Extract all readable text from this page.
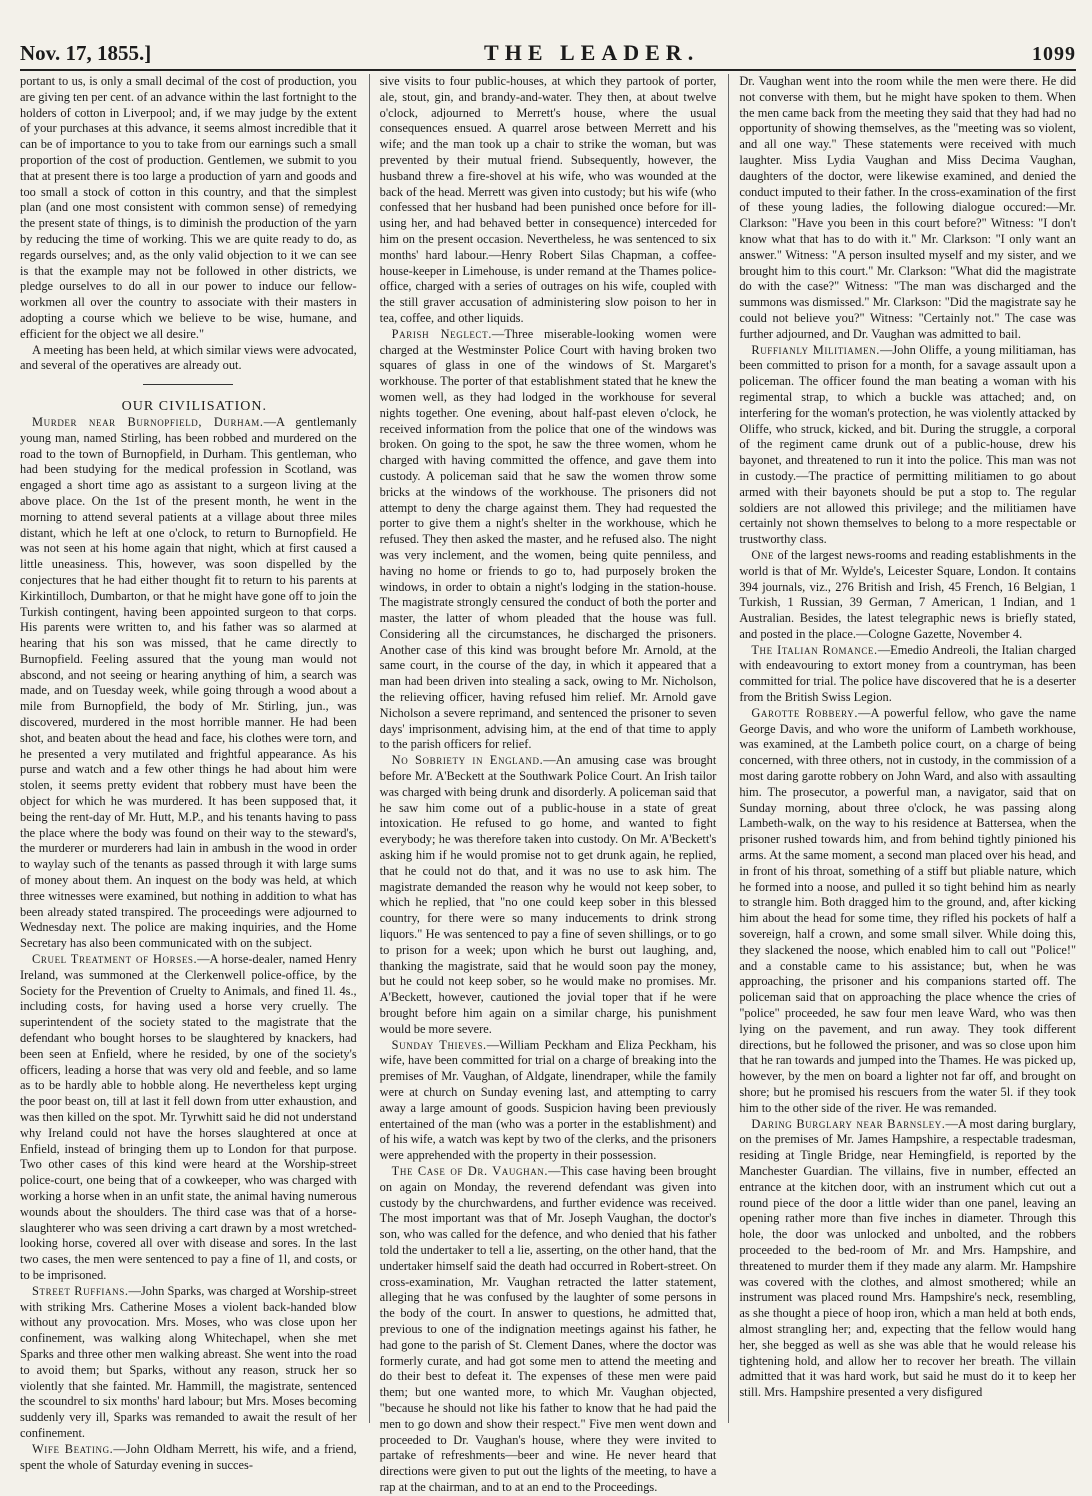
Nov. 17, 1855.]	THE LEADER.	1099

portant to us, is only a small decimal of the cost of production, you are giving ten per cent. of an advance within the last fortnight to the holders of cotton in Liverpool; and, if we may judge by the extent of your purchases at this advance, it seems almost incredible that it can be of importance to you to take from our earnings such a small proportion of the cost of production. Gentlemen, we submit to you that at present there is too large a production of yarn and goods and too small a stock of cotton in this country, and that the simplest plan (and one most consistent with common sense) of remedying the present state of things, is to diminish the production of the yarn by reducing the time of working. This we are quite ready to do, as regards ourselves; and, as the only valid objection to it we can see is that the example may not be followed in other districts, we pledge ourselves to do all in our power to induce our fellow-workmen all over the country to associate with their masters in adopting a course which we believe to be wise, humane, and efficient for the object we all desire."

A meeting has been held, at which similar views were advocated, and several of the operatives are already out.

OUR CIVILISATION.

Murder near Burnopfield, Durham.—A gentlemanly young man, named Stirling, has been robbed and murdered on the road to the town of Burnopfield, in Durham. This gentleman, who had been studying for the medical profession in Scotland, was engaged a short time ago as assistant to a surgeon living at the above place. On the 1st of the present month, he went in the morning to attend several patients at a village about three miles distant, which he left at one o'clock, to return to Burnopfield. He was not seen at his home again that night, which at first caused a little uneasiness. This, however, was soon dispelled by the conjectures that he had either thought fit to return to his parents at Kirkintilloch, Dumbarton, or that he might have gone off to join the Turkish contingent, having been appointed surgeon to that corps. His parents were written to, and his father was so alarmed at hearing that his son was missed, that he came directly to Burnopfield. Feeling assured that the young man would not abscond, and not seeing or hearing anything of him, a search was made, and on Tuesday week, while going through a wood about a mile from Burnopfield, the body of Mr. Stirling, jun., was discovered, murdered in the most horrible manner. He had been shot, and beaten about the head and face, his clothes were torn, and he presented a very mutilated and frightful appearance. As his purse and watch and a few other things he had about him were stolen, it seems pretty evident that robbery must have been the object for which he was murdered. It has been supposed that, it being the rent-day of Mr. Hutt, M.P., and his tenants having to pass the place where the body was found on their way to the steward's, the murderer or murderers had lain in ambush in the wood in order to waylay such of the tenants as passed through it with large sums of money about them. An inquest on the body was held, at which three witnesses were examined, but nothing in addition to what has been already stated transpired. The proceedings were adjourned to Wednesday next. The police are making inquiries, and the Home Secretary has also been communicated with on the subject.

Cruel Treatment of Horses.—A horse-dealer, named Henry Ireland, was summoned at the Clerkenwell police-office, by the Society for the Prevention of Cruelty to Animals, and fined 1l. 4s., including costs, for having used a horse very cruelly. The superintendent of the society stated to the magistrate that the defendant who bought horses to be slaughtered by knackers, had been seen at Enfield, where he resided, by one of the society's officers, leading a horse that was very old and feeble, and so lame as to be hardly able to hobble along. He nevertheless kept urging the poor beast on, till at last it fell down from utter exhaustion, and was then killed on the spot. Mr. Tyrwhitt said he did not understand why Ireland could not have the horses slaughtered at once at Enfield, instead of bringing them up to London for that purpose. Two other cases of this kind were heard at the Worship-street police-court, one being that of a cowkeeper, who was charged with working a horse when in an unfit state, the animal having numerous wounds about the shoulders. The third case was that of a horse-slaughterer who was seen driving a cart drawn by a most wretched-looking horse, covered all over with disease and sores. In the last two cases, the men were sentenced to pay a fine of 1l, and costs, or to be imprisoned.

Street Ruffians.—John Sparks, was charged at Worship-street with striking Mrs. Catherine Moses a violent back-handed blow without any provocation. Mrs. Moses, who was close upon her confinement, was walking along Whitechapel, when she met Sparks and three other men walking abreast. She went into the road to avoid them; but Sparks, without any reason, struck her so violently that she fainted. Mr. Hammill, the magistrate, sentenced the scoundrel to six months' hard labour; but Mrs. Moses becoming suddenly very ill, Sparks was remanded to await the result of her confinement.

Wife Beating.—John Oldham Merrett, his wife, and a friend, spent the whole of Saturday evening in succes-

sive visits to four public-houses, at which they partook of porter, ale, stout, gin, and brandy-and-water. They then, at about twelve o'clock, adjourned to Merrett's house, where the usual consequences ensued. A quarrel arose between Merrett and his wife; and the man took up a chair to strike the woman, but was prevented by their mutual friend. Subsequently, however, the husband threw a fire-shovel at his wife, who was wounded at the back of the head. Merrett was given into custody; but his wife (who confessed that her husband had been punished once before for ill-using her, and had behaved better in consequence) interceded for him on the present occasion. Nevertheless, he was sentenced to six months' hard labour.—Henry Robert Silas Chapman, a coffee-house-keeper in Limehouse, is under remand at the Thames police-office, charged with a series of outrages on his wife, coupled with the still graver accusation of administering slow poison to her in tea, coffee, and other liquids.

Parish Neglect.—Three miserable-looking women were charged at the Westminster Police Court with having broken two squares of glass in one of the windows of St. Margaret's workhouse. The porter of that establishment stated that he knew the women well, as they had lodged in the workhouse for several nights together. One evening, about half-past eleven o'clock, he received information from the police that one of the windows was broken. On going to the spot, he saw the three women, whom he charged with having committed the offence, and gave them into custody. A policeman said that he saw the women throw some bricks at the windows of the workhouse. The prisoners did not attempt to deny the charge against them. They had requested the porter to give them a night's shelter in the workhouse, which he refused. They then asked the master, and he refused also. The night was very inclement, and the women, being quite penniless, and having no home or friends to go to, had purposely broken the windows, in order to obtain a night's lodging in the station-house. The magistrate strongly censured the conduct of both the porter and master, the latter of whom pleaded that the house was full. Considering all the circumstances, he discharged the prisoners. Another case of this kind was brought before Mr. Arnold, at the same court, in the course of the day, in which it appeared that a man had been driven into stealing a sack, owing to Mr. Nicholson, the relieving officer, having refused him relief. Mr. Arnold gave Nicholson a severe reprimand, and sentenced the prisoner to seven days' imprisonment, advising him, at the end of that time to apply to the parish officers for relief.

No Sobriety in England.—An amusing case was brought before Mr. A'Beckett at the Southwark Police Court. An Irish tailor was charged with being drunk and disorderly. A policeman said that he saw him come out of a public-house in a state of great intoxication. He refused to go home, and wanted to fight everybody; he was therefore taken into custody. On Mr. A'Beckett's asking him if he would promise not to get drunk again, he replied, that he could not do that, and it was no use to ask him. The magistrate demanded the reason why he would not keep sober, to which he replied, that "no one could keep sober in this blessed country, for there were so many inducements to drink strong liquors." He was sentenced to pay a fine of seven shillings, or to go to prison for a week; upon which he burst out laughing, and, thanking the magistrate, said that he would soon pay the money, but he could not keep sober, so he would make no promises. Mr. A'Beckett, however, cautioned the jovial toper that if he were brought before him again on a similar charge, his punishment would be more severe.

Sunday Thieves.—William Peckham and Eliza Peckham, his wife, have been committed for trial on a charge of breaking into the premises of Mr. Vaughan, of Aldgate, linendraper, while the family were at church on Sunday evening last, and attempting to carry away a large amount of goods. Suspicion having been previously entertained of the man (who was a porter in the establishment) and of his wife, a watch was kept by two of the clerks, and the prisoners were apprehended with the property in their possession.

The Case of Dr. Vaughan.—This case having been brought on again on Monday, the reverend defendant was given into custody by the churchwardens, and further evidence was received. The most important was that of Mr. Joseph Vaughan, the doctor's son, who was called for the defence, and who denied that his father told the undertaker to tell a lie, asserting, on the other hand, that the undertaker himself said the death had occurred in Robert-street. On cross-examination, Mr. Vaughan retracted the latter statement, alleging that he was confused by the laughter of some persons in the body of the court. In answer to questions, he admitted that, previous to one of the indignation meetings against his father, he had gone to the parish of St. Clement Danes, where the doctor was formerly curate, and had got some men to attend the meeting and do their best to defeat it. The expenses of these men were paid them; but one wanted more, to which Mr. Vaughan objected, "because he should not like his father to know that he had paid the men to go down and show their respect." Five men went down and proceeded to Dr. Vaughan's house, where they were invited to partake of refreshments—beer and wine. He never heard that directions were given to put out the lights of the meeting, to have a rap at the chairman, and to at an end to the Proceedings.

Dr. Vaughan went into the room while the men were there. He did not converse with them, but he might have spoken to them. When the men came back from the meeting they said that they had had no opportunity of showing themselves, as the "meeting was so violent, and all one way." These statements were received with much laughter. Miss Lydia Vaughan and Miss Decima Vaughan, daughters of the doctor, were likewise examined, and denied the conduct imputed to their father. In the cross-examination of the first of these young ladies, the following dialogue occured:—Mr. Clarkson: "Have you been in this court before?" Witness: "I don't know what that has to do with it." Mr. Clarkson: "I only want an answer." Witness: "A person insulted myself and my sister, and we brought him to this court." Mr. Clarkson: "What did the magistrate do with the case?" Witness: "The man was discharged and the summons was dismissed." Mr. Clarkson: "Did the magistrate say he could not believe you?" Witness: "Certainly not." The case was further adjourned, and Dr. Vaughan was admitted to bail.

Ruffianly Militiamen.—John Oliffe, a young militiaman, has been committed to prison for a month, for a savage assault upon a policeman. The officer found the man beating a woman with his regimental strap, to which a buckle was attached; and, on interfering for the woman's protection, he was violently attacked by Oliffe, who struck, kicked, and bit. During the struggle, a corporal of the regiment came drunk out of a public-house, drew his bayonet, and threatened to run it into the police. This man was not in custody.—The practice of permitting militiamen to go about armed with their bayonets should be put a stop to. The regular soldiers are not allowed this privilege; and the militiamen have certainly not shown themselves to belong to a more respectable or trustworthy class.

One of the largest news-rooms and reading establishments in the world is that of Mr. Wylde's, Leicester Square, London. It contains 394 journals, viz., 276 British and Irish, 45 French, 16 Belgian, 1 Turkish, 1 Russian, 39 German, 7 American, 1 Indian, and 1 Australian. Besides, the latest telegraphic news is briefly stated, and posted in the place.—Cologne Gazette, November 4.

The Italian Romance.—Emedio Andreoli, the Italian charged with endeavouring to extort money from a countryman, has been committed for trial. The police have discovered that he is a deserter from the British Swiss Legion.

Garotte Robbery.—A powerful fellow, who gave the name George Davis, and who wore the uniform of Lambeth workhouse, was examined, at the Lambeth police court, on a charge of being concerned, with three others, not in custody, in the commission of a most daring garotte robbery on John Ward, and also with assaulting him. The prosecutor, a powerful man, a navigator, said that on Sunday morning, about three o'clock, he was passing along Lambeth-walk, on the way to his residence at Battersea, when the prisoner rushed towards him, and from behind tightly pinioned his arms. At the same moment, a second man placed over his head, and in front of his throat, something of a stiff but pliable nature, which he formed into a noose, and pulled it so tight behind him as nearly to strangle him. Both dragged him to the ground, and, after kicking him about the head for some time, they rifled his pockets of half a sovereign, half a crown, and some small silver. While doing this, they slackened the noose, which enabled him to call out "Police!" and a constable came to his assistance; but, when he was approaching, the prisoner and his companions started off. The policeman said that on approaching the place whence the cries of "police" proceeded, he saw four men leave Ward, who was then lying on the pavement, and run away. They took different directions, but he followed the prisoner, and was so close upon him that he ran towards and jumped into the Thames. He was picked up, however, by the men on board a lighter not far off, and brought on shore; but he promised his rescuers from the water 5l. if they took him to the other side of the river. He was remanded.

Daring Burglary near Barnsley.—A most daring burglary, on the premises of Mr. James Hampshire, a respectable tradesman, residing at Tingle Bridge, near Hemingfield, is reported by the Manchester Guardian. The villains, five in number, effected an entrance at the kitchen door, with an instrument which cut out a round piece of the door a little wider than one panel, leaving an opening rather more than five inches in diameter. Through this hole, the door was unlocked and unbolted, and the robbers proceeded to the bed-room of Mr. and Mrs. Hampshire, and threatened to murder them if they made any alarm. Mr. Hampshire was covered with the clothes, and almost smothered; while an instrument was placed round Mrs. Hampshire's neck, resembling, as she thought a piece of hoop iron, which a man held at both ends, almost strangling her; and, expecting that the fellow would hang her, she begged as well as she was able that he would release his tightening hold, and allow her to recover her breath. The villain admitted that it was hard work, but said he must do it to keep her still. Mrs. Hampshire presented a very disfigured
